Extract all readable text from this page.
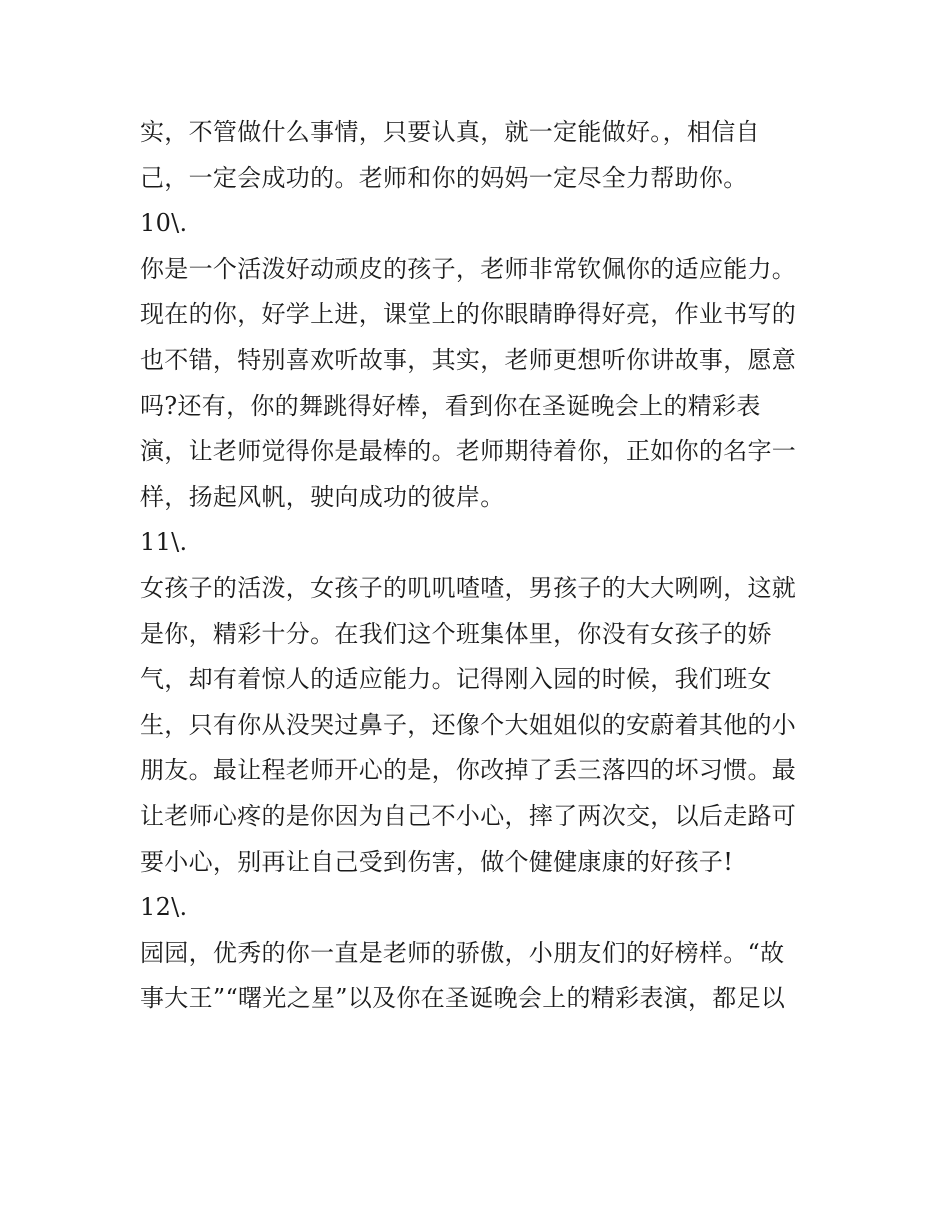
实，不管做什么事情，只要认真，就一定能做好。，相信自
己，一定会成功的。老师和你的妈妈一定尽全力帮助你。
10\.
你是一个活泼好动顽皮的孩子，老师非常钦佩你的适应能力。
现在的你，好学上进，课堂上的你眼睛睁得好亮，作业书写的
也不错，特别喜欢听故事，其实，老师更想听你讲故事，愿意
吗?还有，你的舞跳得好棒，看到你在圣诞晚会上的精彩表
演，让老师觉得你是最棒的。老师期待着你，正如你的名字一
样，扬起风帆，驶向成功的彼岸。
11\.
女孩子的活泼，女孩子的叽叽喳喳，男孩子的大大咧咧，这就
是你，精彩十分。在我们这个班集体里，你没有女孩子的娇
气，却有着惊人的适应能力。记得刚入园的时候，我们班女
生，只有你从没哭过鼻子，还像个大姐姐似的安蔚着其他的小
朋友。最让程老师开心的是，你改掉了丢三落四的坏习惯。最
让老师心疼的是你因为自己不小心，摔了两次交，以后走路可
要小心，别再让自己受到伤害，做个健健康康的好孩子!
12\.
园园，优秀的你一直是老师的骄傲，小朋友们的好榜样。“故
事大王”“曙光之星”以及你在圣诞晚会上的精彩表演，都足以
